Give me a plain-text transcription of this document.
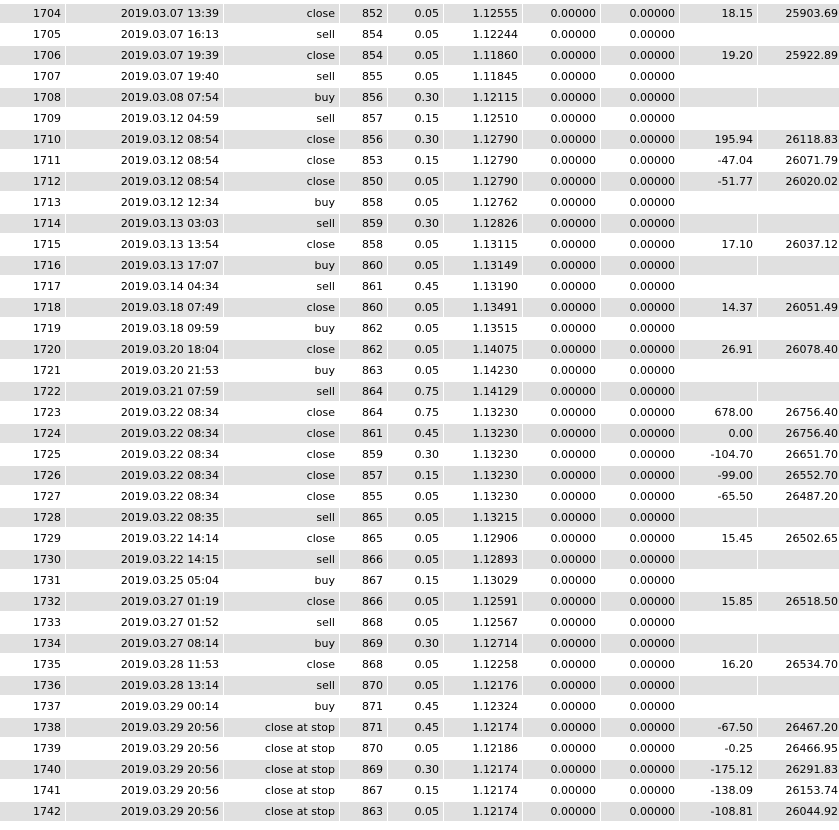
1704	2019.03.07 13:39	close	852	0.05	1.12555	0.00000	0.00000	18.15	25903.69
1705	2019.03.07 16:13	sell	854	0.05	1.12244	0.00000	0.00000		
1706	2019.03.07 19:39	close	854	0.05	1.11860	0.00000	0.00000	19.20	25922.89
1707	2019.03.07 19:40	sell	855	0.05	1.11845	0.00000	0.00000		
1708	2019.03.08 07:54	buy	856	0.30	1.12115	0.00000	0.00000		
1709	2019.03.12 04:59	sell	857	0.15	1.12510	0.00000	0.00000		
1710	2019.03.12 08:54	close	856	0.30	1.12790	0.00000	0.00000	195.94	26118.83
1711	2019.03.12 08:54	close	853	0.15	1.12790	0.00000	0.00000	-47.04	26071.79
1712	2019.03.12 08:54	close	850	0.05	1.12790	0.00000	0.00000	-51.77	26020.02
1713	2019.03.12 12:34	buy	858	0.05	1.12762	0.00000	0.00000		
1714	2019.03.13 03:03	sell	859	0.30	1.12826	0.00000	0.00000		
1715	2019.03.13 13:54	close	858	0.05	1.13115	0.00000	0.00000	17.10	26037.12
1716	2019.03.13 17:07	buy	860	0.05	1.13149	0.00000	0.00000		
1717	2019.03.14 04:34	sell	861	0.45	1.13190	0.00000	0.00000		
1718	2019.03.18 07:49	close	860	0.05	1.13491	0.00000	0.00000	14.37	26051.49
1719	2019.03.18 09:59	buy	862	0.05	1.13515	0.00000	0.00000		
1720	2019.03.20 18:04	close	862	0.05	1.14075	0.00000	0.00000	26.91	26078.40
1721	2019.03.20 21:53	buy	863	0.05	1.14230	0.00000	0.00000		
1722	2019.03.21 07:59	sell	864	0.75	1.14129	0.00000	0.00000		
1723	2019.03.22 08:34	close	864	0.75	1.13230	0.00000	0.00000	678.00	26756.40
1724	2019.03.22 08:34	close	861	0.45	1.13230	0.00000	0.00000	0.00	26756.40
1725	2019.03.22 08:34	close	859	0.30	1.13230	0.00000	0.00000	-104.70	26651.70
1726	2019.03.22 08:34	close	857	0.15	1.13230	0.00000	0.00000	-99.00	26552.70
1727	2019.03.22 08:34	close	855	0.05	1.13230	0.00000	0.00000	-65.50	26487.20
1728	2019.03.22 08:35	sell	865	0.05	1.13215	0.00000	0.00000		
1729	2019.03.22 14:14	close	865	0.05	1.12906	0.00000	0.00000	15.45	26502.65
1730	2019.03.22 14:15	sell	866	0.05	1.12893	0.00000	0.00000		
1731	2019.03.25 05:04	buy	867	0.15	1.13029	0.00000	0.00000		
1732	2019.03.27 01:19	close	866	0.05	1.12591	0.00000	0.00000	15.85	26518.50
1733	2019.03.27 01:52	sell	868	0.05	1.12567	0.00000	0.00000		
1734	2019.03.27 08:14	buy	869	0.30	1.12714	0.00000	0.00000		
1735	2019.03.28 11:53	close	868	0.05	1.12258	0.00000	0.00000	16.20	26534.70
1736	2019.03.28 13:14	sell	870	0.05	1.12176	0.00000	0.00000		
1737	2019.03.29 00:14	buy	871	0.45	1.12324	0.00000	0.00000		
1738	2019.03.29 20:56	close at stop	871	0.45	1.12174	0.00000	0.00000	-67.50	26467.20
1739	2019.03.29 20:56	close at stop	870	0.05	1.12186	0.00000	0.00000	-0.25	26466.95
1740	2019.03.29 20:56	close at stop	869	0.30	1.12174	0.00000	0.00000	-175.12	26291.83
1741	2019.03.29 20:56	close at stop	867	0.15	1.12174	0.00000	0.00000	-138.09	26153.74
1742	2019.03.29 20:56	close at stop	863	0.05	1.12174	0.00000	0.00000	-108.81	26044.92
